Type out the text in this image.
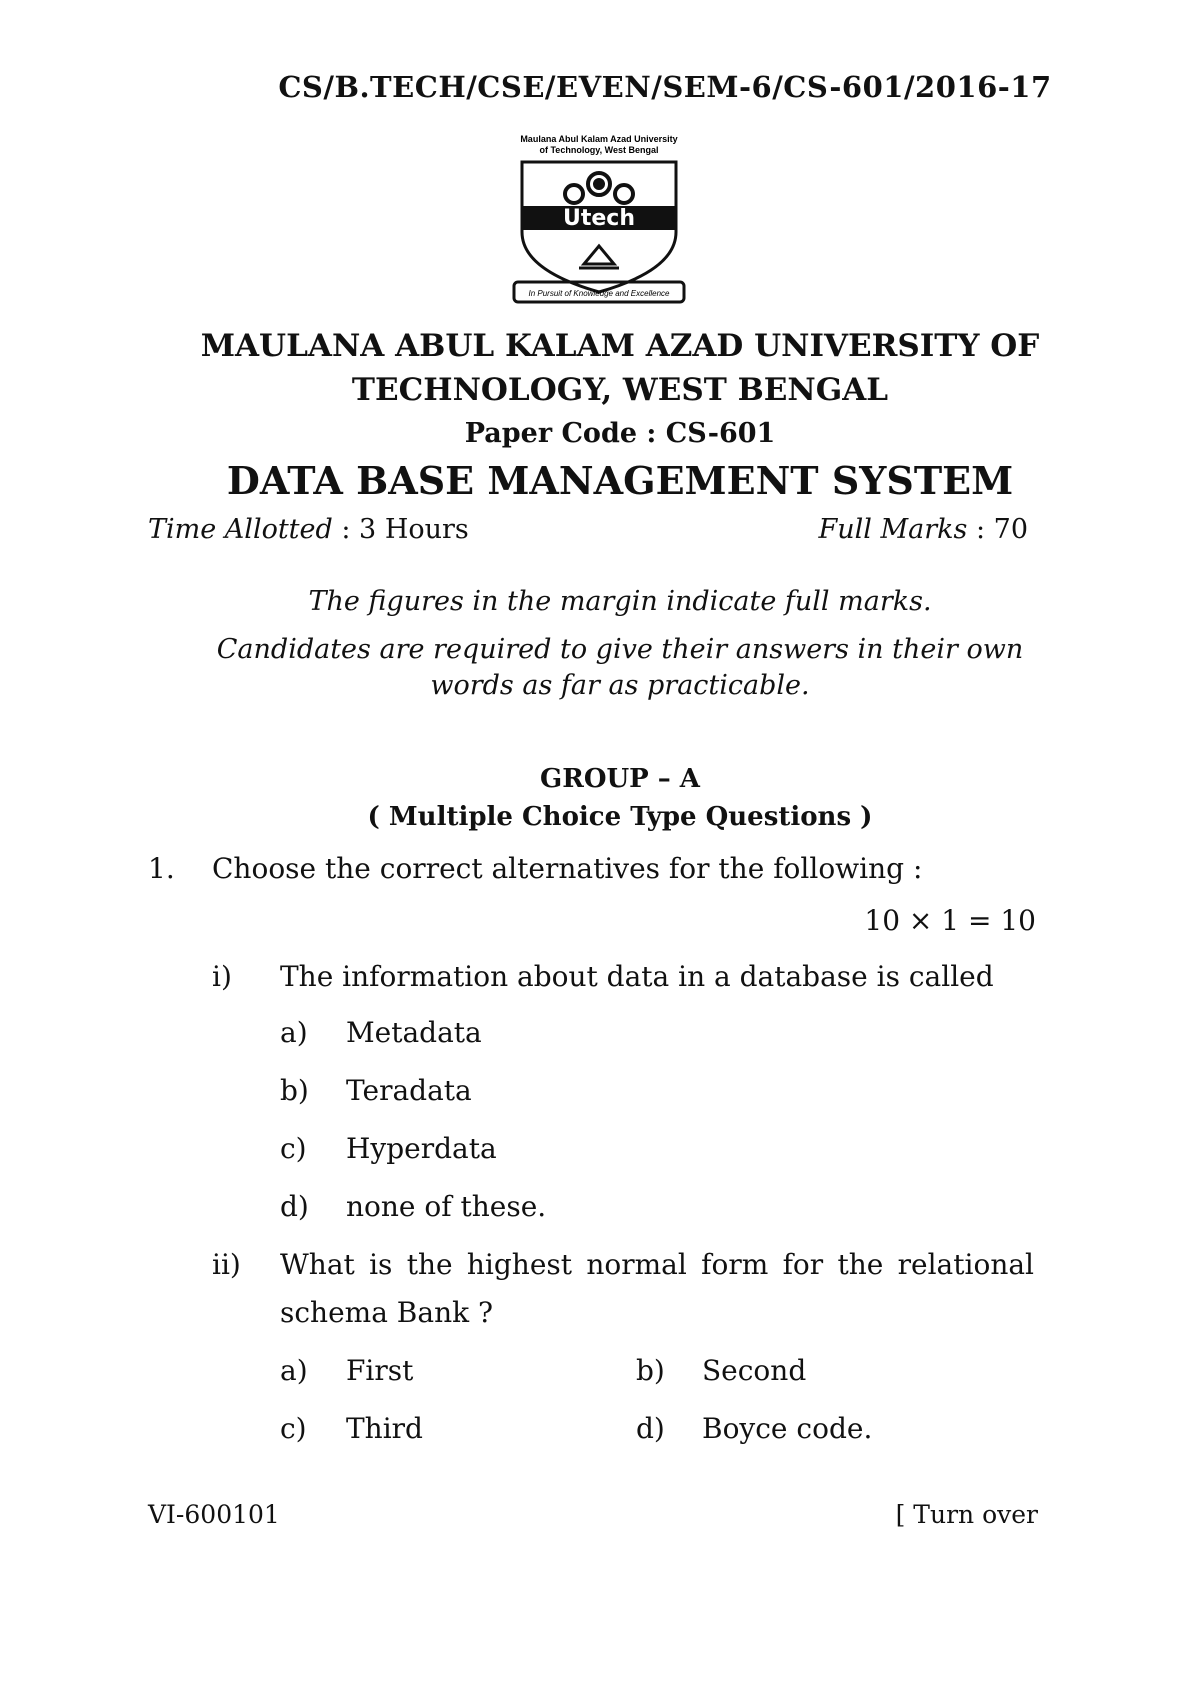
CS/B.TECH/CSE/EVEN/SEM-6/CS-601/2016-17
Maulana Abul Kalam Azad University
of Technology, West Bengal
Utech
In Pursuit of Knowledge and Excellence
MAULANA ABUL KALAM AZAD UNIVERSITY OF
TECHNOLOGY, WEST BENGAL
Paper Code : CS-601
DATA BASE MANAGEMENT SYSTEM
Time Allotted : 3 Hours	Full Marks : 70
The figures in the margin indicate full marks.
Candidates are required to give their answers in their own
words as far as practicable.
GROUP – A
( Multiple Choice Type Questions )
1. Choose the correct alternatives for the following :
10 × 1 = 10
i) The information about data in a database is called
a) Metadata
b) Teradata
c) Hyperdata
d) none of these.
ii) What is the highest normal form for the relational
schema Bank ?
a) First	b) Second
c) Third	d) Boyce code.
VI-600101	[ Turn over
